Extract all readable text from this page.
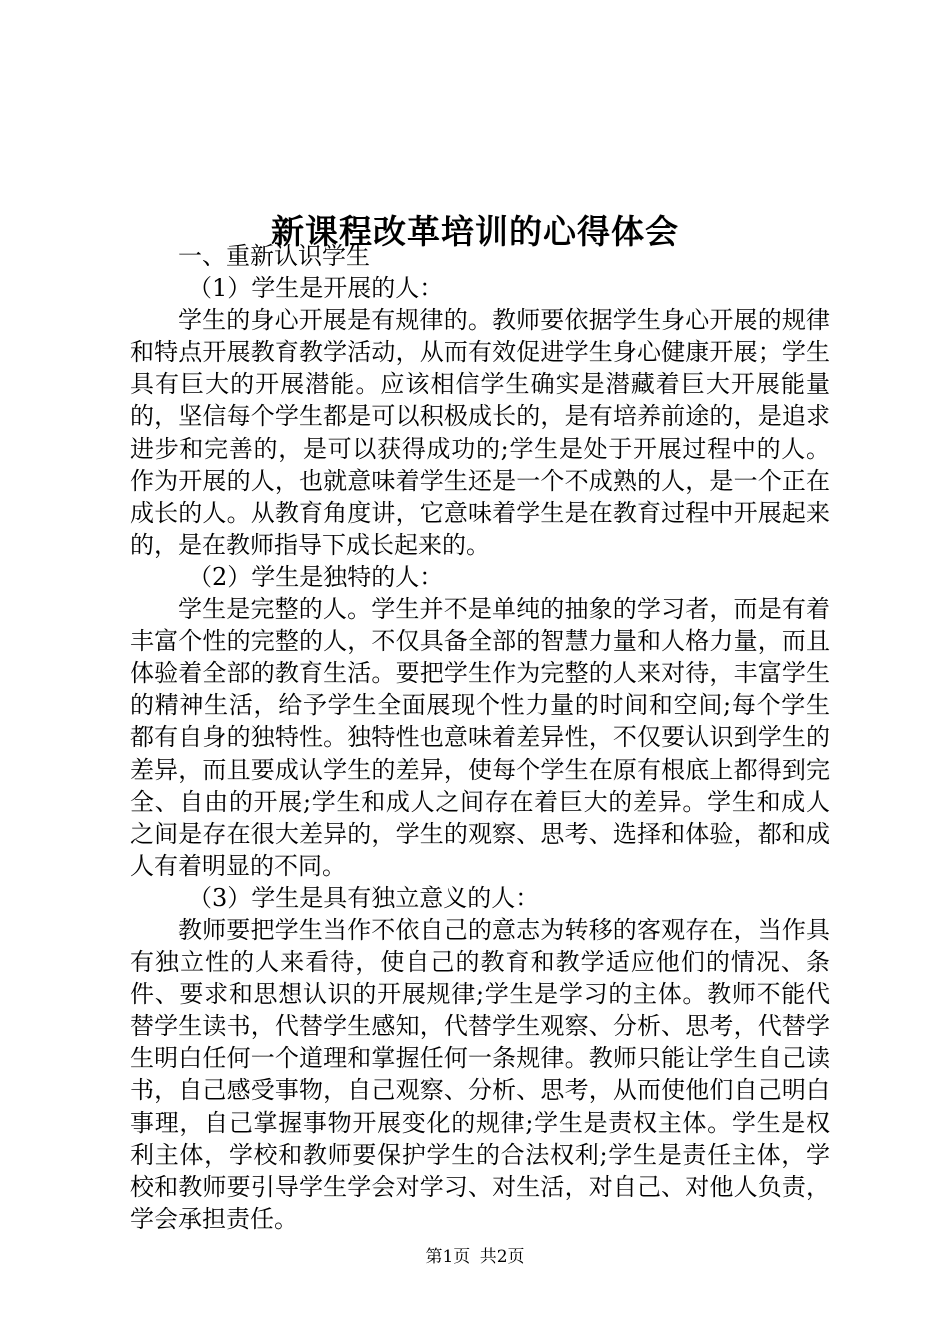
新课程改革培训的心得体会

一、重新认识学生

（1）学生是开展的人：

学生的身心开展是有规律的。教师要依据学生身心开展的规律和特点开展教育教学活动，从而有效促进学生身心健康开展；学生具有巨大的开展潜能。应该相信学生确实是潜藏着巨大开展能量的，坚信每个学生都是可以积极成长的，是有培养前途的，是追求进步和完善的，是可以获得成功的;学生是处于开展过程中的人。作为开展的人，也就意味着学生还是一个不成熟的人，是一个正在成长的人。从教育角度讲，它意味着学生是在教育过程中开展起来的，是在教师指导下成长起来的。

（2）学生是独特的人：

学生是完整的人。学生并不是单纯的抽象的学习者，而是有着丰富个性的完整的人，不仅具备全部的智慧力量和人格力量，而且体验着全部的教育生活。要把学生作为完整的人来对待，丰富学生的精神生活，给予学生全面展现个性力量的时间和空间;每个学生都有自身的独特性。独特性也意味着差异性，不仅要认识到学生的差异，而且要成认学生的差异，使每个学生在原有根底上都得到完全、自由的开展;学生和成人之间存在着巨大的差异。学生和成人之间是存在很大差异的，学生的观察、思考、选择和体验，都和成人有着明显的不同。

（3）学生是具有独立意义的人：

教师要把学生当作不依自己的意志为转移的客观存在，当作具有独立性的人来看待，使自己的教育和教学适应他们的情况、条件、要求和思想认识的开展规律;学生是学习的主体。教师不能代替学生读书，代替学生感知，代替学生观察、分析、思考，代替学生明白任何一个道理和掌握任何一条规律。教师只能让学生自己读书，自己感受事物，自己观察、分析、思考，从而使他们自己明白事理，自己掌握事物开展变化的规律;学生是责权主体。学生是权利主体，学校和教师要保护学生的合法权利;学生是责任主体，学校和教师要引导学生学会对学习、对生活，对自己、对他人负责，学会承担责任。

第1页 共2页
